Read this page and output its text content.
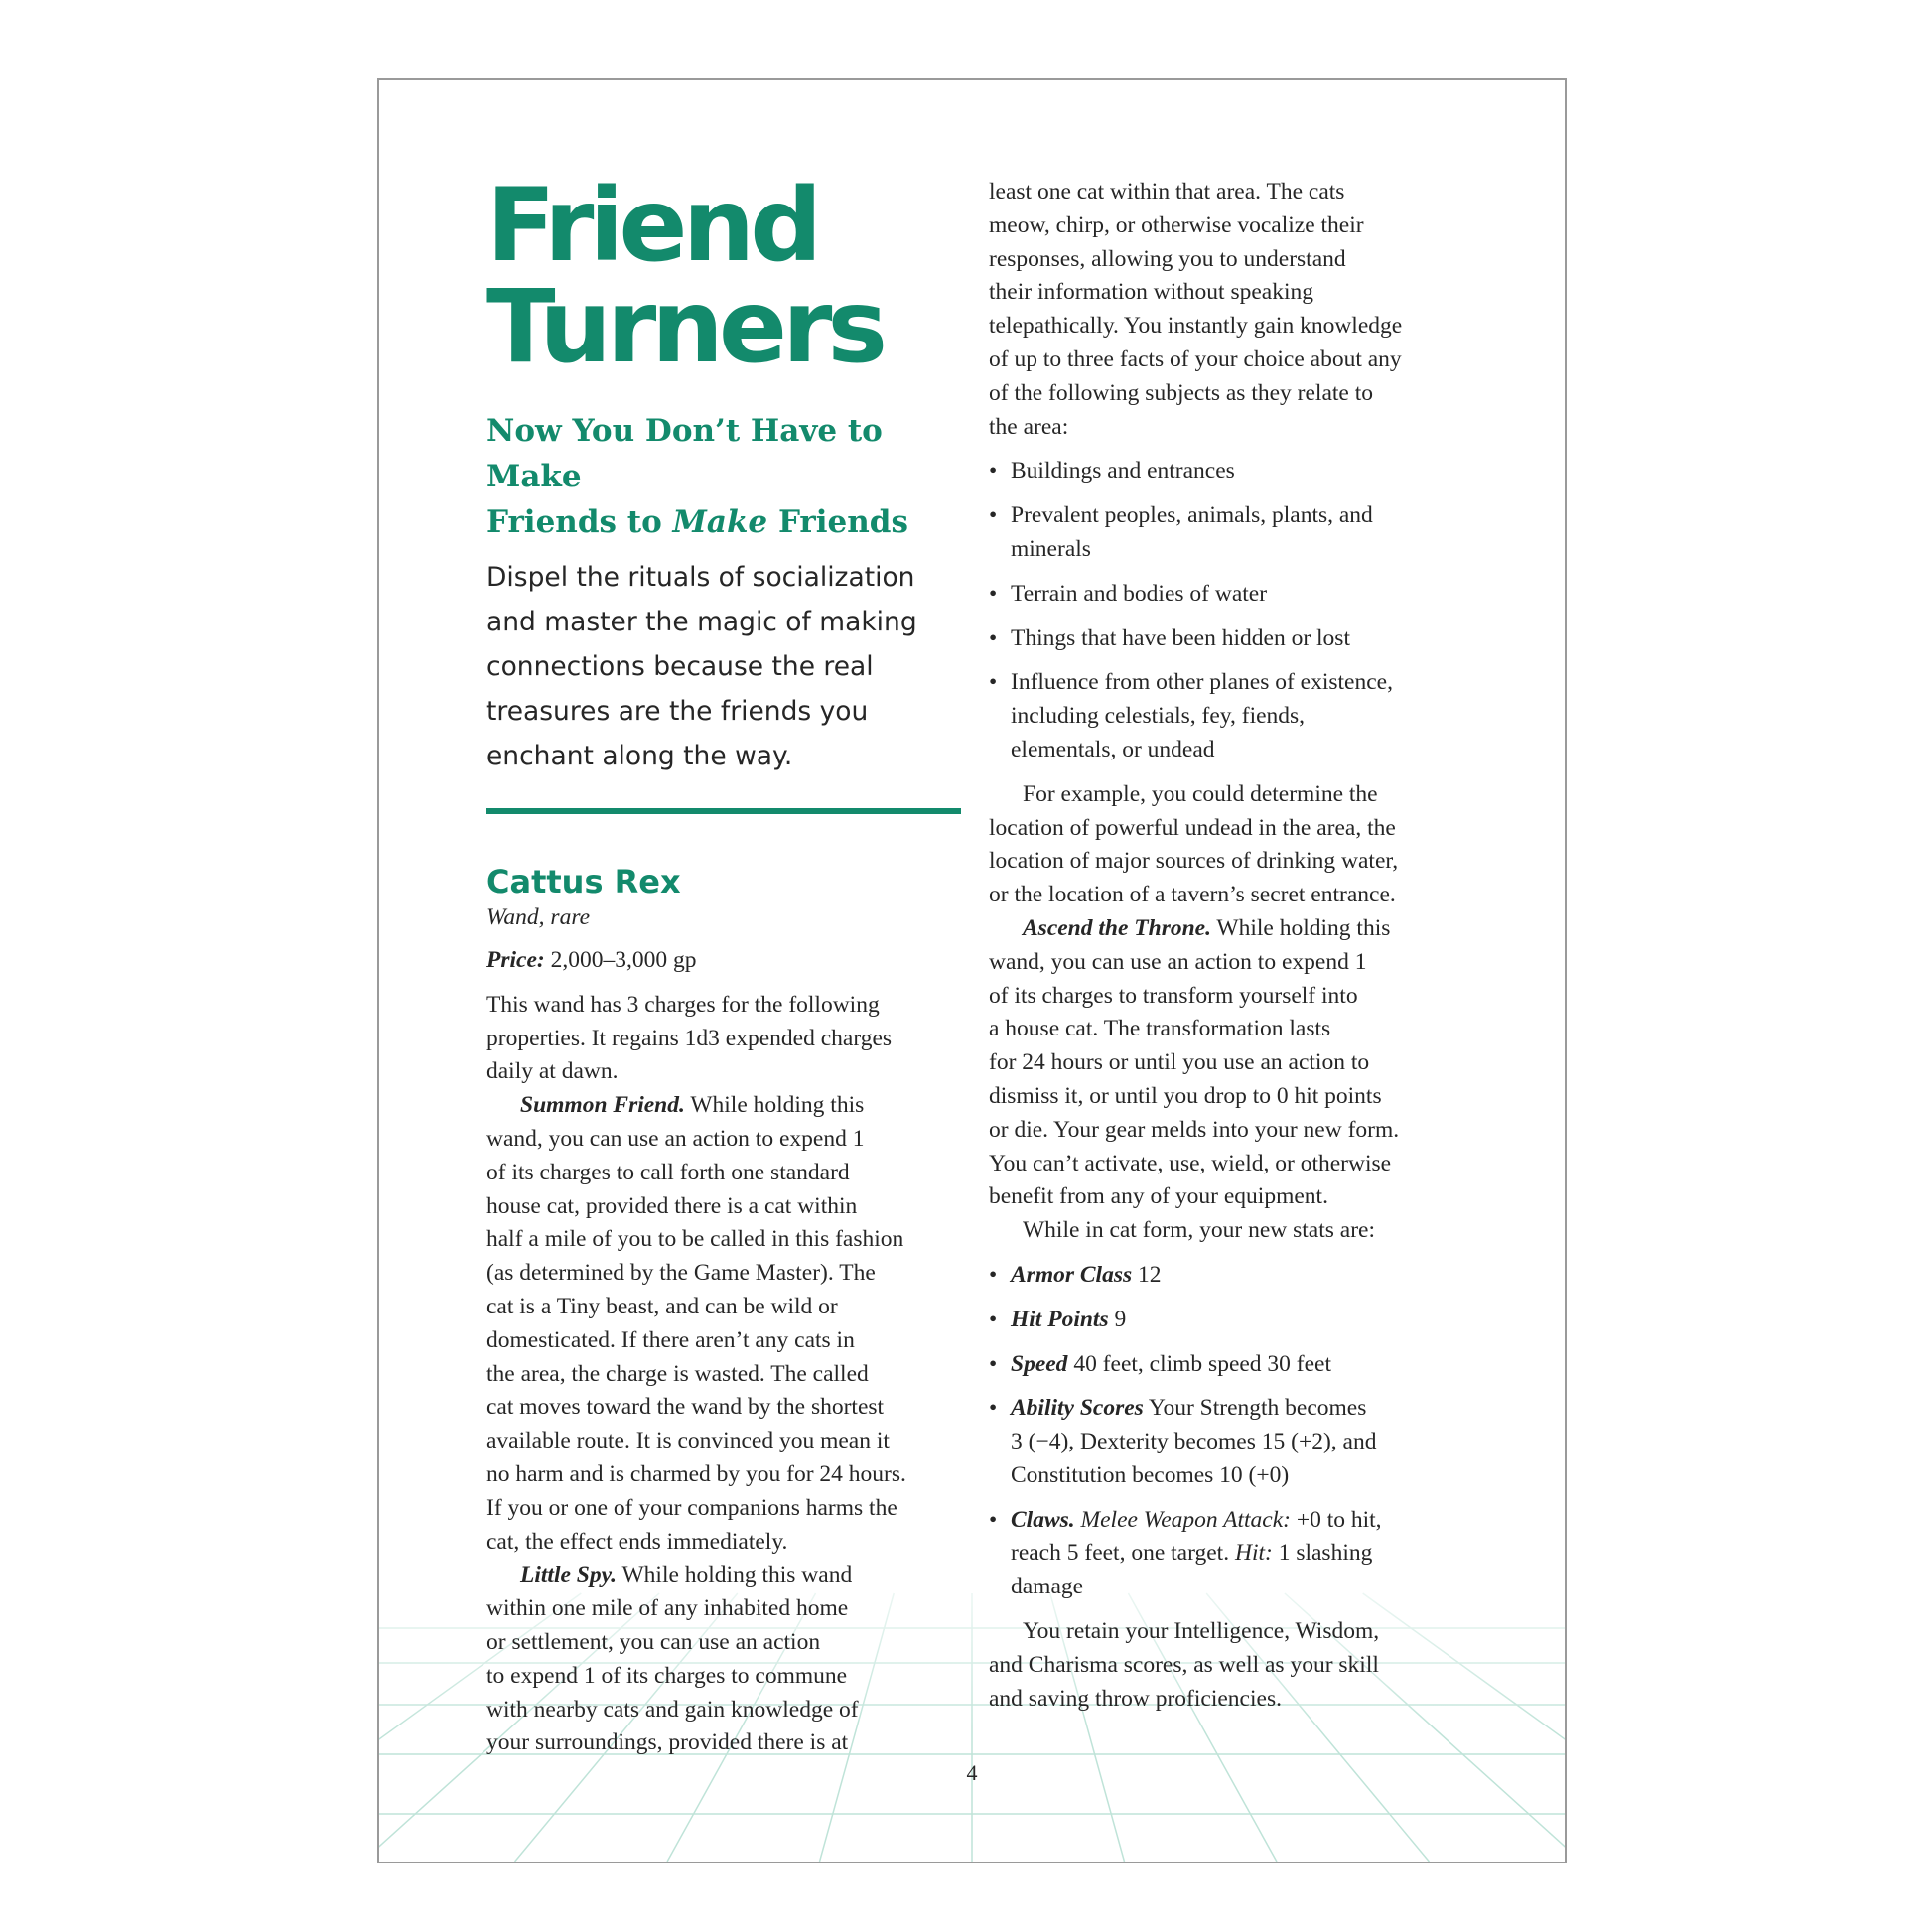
Friend
Turners
Now You Don’t Have to Make
Friends to Make Friends

Dispel the rituals of socialization
and master the magic of making
connections because the real
treasures are the friends you
enchant along the way.

Cattus Rex

Wand, rare

Price: 2,000–3,000 gp

This wand has 3 charges for the following
properties. It regains 1d3 expended charges
daily at dawn.

Summon Friend. While holding this
wand, you can use an action to expend 1
of its charges to call forth one standard
house cat, provided there is a cat within
half a mile of you to be called in this fashion
(as determined by the Game Master). The
cat is a Tiny beast, and can be wild or
domesticated. If there aren’t any cats in
the area, the charge is wasted. The called
cat moves toward the wand by the shortest
available route. It is convinced you mean it
no harm and is charmed by you for 24 hours.
If you or one of your companions harms the
cat, the effect ends immediately.

Little Spy. While holding this wand
within one mile of any inhabited home
or settlement, you can use an action
to expend 1 of its charges to commune
with nearby cats and gain knowledge of
your surroundings, provided there is at

least one cat within that area. The cats
meow, chirp, or otherwise vocalize their
responses, allowing you to understand
their information without speaking
telepathically. You instantly gain knowledge
of up to three facts of your choice about any
of the following subjects as they relate to
the area:

• Buildings and entrances
• Prevalent peoples, animals, plants, and
minerals
• Terrain and bodies of water
• Things that have been hidden or lost
• Influence from other planes of existence,
including celestials, fey, fiends,
elementals, or undead

For example, you could determine the
location of powerful undead in the area, the
location of major sources of drinking water,
or the location of a tavern’s secret entrance.

Ascend the Throne. While holding this
wand, you can use an action to expend 1
of its charges to transform yourself into
a house cat. The transformation lasts
for 24 hours or until you use an action to
dismiss it, or until you drop to 0 hit points
or die. Your gear melds into your new form.
You can’t activate, use, wield, or otherwise
benefit from any of your equipment.

While in cat form, your new stats are:

• Armor Class 12
• Hit Points 9
• Speed 40 feet, climb speed 30 feet
• Ability Scores Your Strength becomes
3 (−4), Dexterity becomes 15 (+2), and
Constitution becomes 10 (+0)
• Claws. Melee Weapon Attack: +0 to hit,
reach 5 feet, one target. Hit: 1 slashing
damage

You retain your Intelligence, Wisdom,
and Charisma scores, as well as your skill
and saving throw proficiencies.

4
